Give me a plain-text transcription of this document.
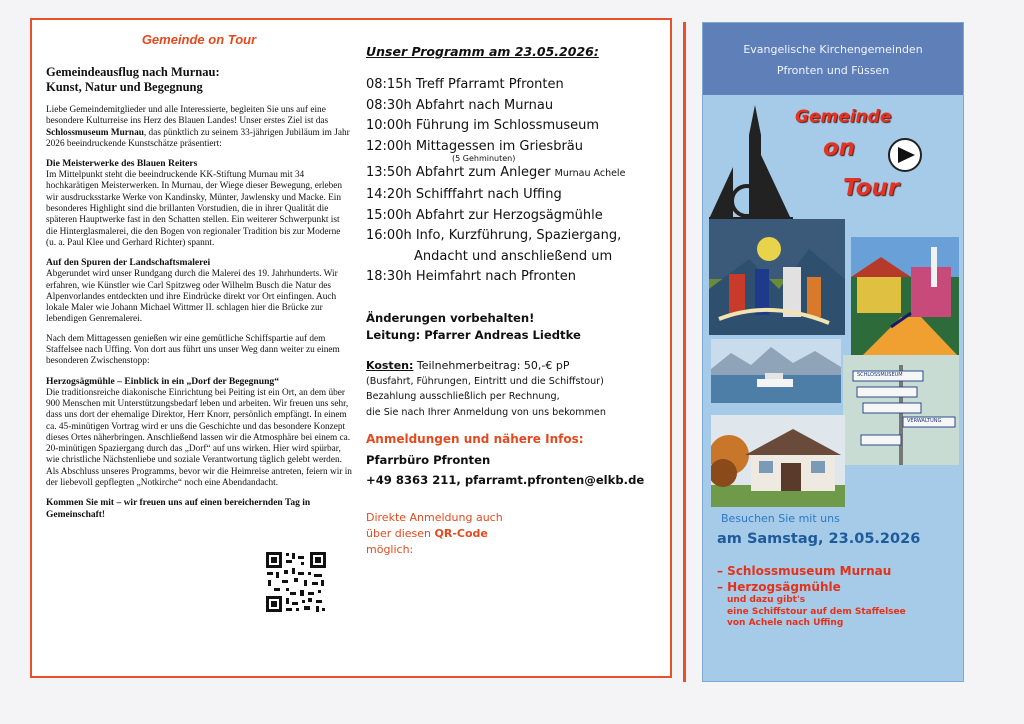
Gemeinde on Tour
Gemeindeausflug nach Murnau:
Kunst, Natur und Begegnung

Liebe Gemeindemitglieder und alle Interessierte, begleiten Sie uns auf eine besondere Kulturreise ins Herz des Blauen Landes! Unser erstes Ziel ist das Schlossmuseum Murnau, das pünktlich zu seinem 33-jährigen Jubiläum im Jahr 2026 beeindruckende Kunstschätze präsentiert:

Die Meisterwerke des Blauen Reiters

Im Mittelpunkt steht die beeindruckende KK-Stiftung Murnau mit 34 hochkarätigen Meisterwerken. In Murnau, der Wiege dieser Bewegung, erleben wir ausdrucksstarke Werke von Kandinsky, Münter, Jawlensky und Macke. Ein besonderes Highlight sind die brillanten Vorstudien, die in ihrer Qualität die späteren Hauptwerke fast in den Schatten stellen. Ein weiterer Schwerpunkt ist die Hinterglasmalerei, die den Bogen von regionaler Tradition bis zur Moderne (u. a. Paul Klee und Gerhard Richter) spannt.

Auf den Spuren der Landschaftsmalerei

Abgerundet wird unser Rundgang durch die Malerei des 19. Jahrhunderts. Wir erfahren, wie Künstler wie Carl Spitzweg oder Wilhelm Busch die Natur des Alpenvorlandes entdeckten und ihre Eindrücke direkt vor Ort einfingen. Auch lokale Maler wie Johann Michael Wittmer II. schlagen hier die Brücke zur lebendigen Genremalerei.

Nach dem Mittagessen genießen wir eine gemütliche Schiffspartie auf dem Staffelsee nach Uffing. Von dort aus führt uns unser Weg dann weiter zu einem besonderen Zwischenstopp:

Herzogsägmühle – Einblick in ein „Dorf der Begegnung“

Die traditionsreiche diakonische Einrichtung bei Peiting ist ein Ort, an dem über 900 Menschen mit Unterstützungsbedarf leben und arbeiten. Wir freuen uns sehr, dass uns dort der ehemalige Direktor, Herr Knorr, persönlich empfängt. In einem ca. 45-minütigen Vortrag wird er uns die Geschichte und das besondere Konzept dieses Ortes näherbringen. Anschließend lassen wir die Atmosphäre bei einem ca. 20-minütigen Spaziergang durch das „Dorf“ auf uns wirken. Hier wird spürbar, wie christliche Nächstenliebe und soziale Verantwortung täglich gelebt werden. Als Abschluss unseres Programms, bevor wir die Heimreise antreten, feiern wir in der liebevoll gepflegten „Notkirche“ noch eine Abendandacht.

Kommen Sie mit – wir freuen uns auf einen bereichernden Tag in Gemeinschaft!
Unser Programm am 23.05.2026:
08:15h Treff Pfarramt Pfronten
08:30h Abfahrt nach Murnau
10:00h Führung im Schlossmuseum
12:00h Mittagessen im Griesbräu
(5 Gehminuten)
13:50h Abfahrt zum Anleger Murnau Achele
14:20h Schifffahrt nach Uffing
15:00h Abfahrt zur Herzogsägmühle
16:00h Info, Kurzführung, Spaziergang,
Andacht und anschließend um
18:30h Heimfahrt nach Pfronten
Änderungen vorbehalten!
Leitung: Pfarrer Andreas Liedtke
Kosten: Teilnehmerbeitrag: 50,-€ pP
(Busfahrt, Führungen, Eintritt und die Schiffstour)
Bezahlung ausschließlich per Rechnung,
die Sie nach Ihrer Anmeldung von uns bekommen
Anmeldungen und nähere Infos:
Pfarrbüro Pfronten
+49 8363 211, pfarramt.pfronten@elkb.de
Direkte Anmeldung auch
über diesen QR-Code
möglich:
Evangelische Kirchengemeinden
Pfronten und Füssen
Gemeinde
on
Tour
SCHLOSSMUSEUM
VERWALTUNG
Besuchen Sie mit uns
am Samstag, 23.05.2026
– Schlossmuseum Murnau
– Herzogsägmühle
und dazu gibt's
eine Schiffstour auf dem Staffelsee
von Achele nach Uffing
